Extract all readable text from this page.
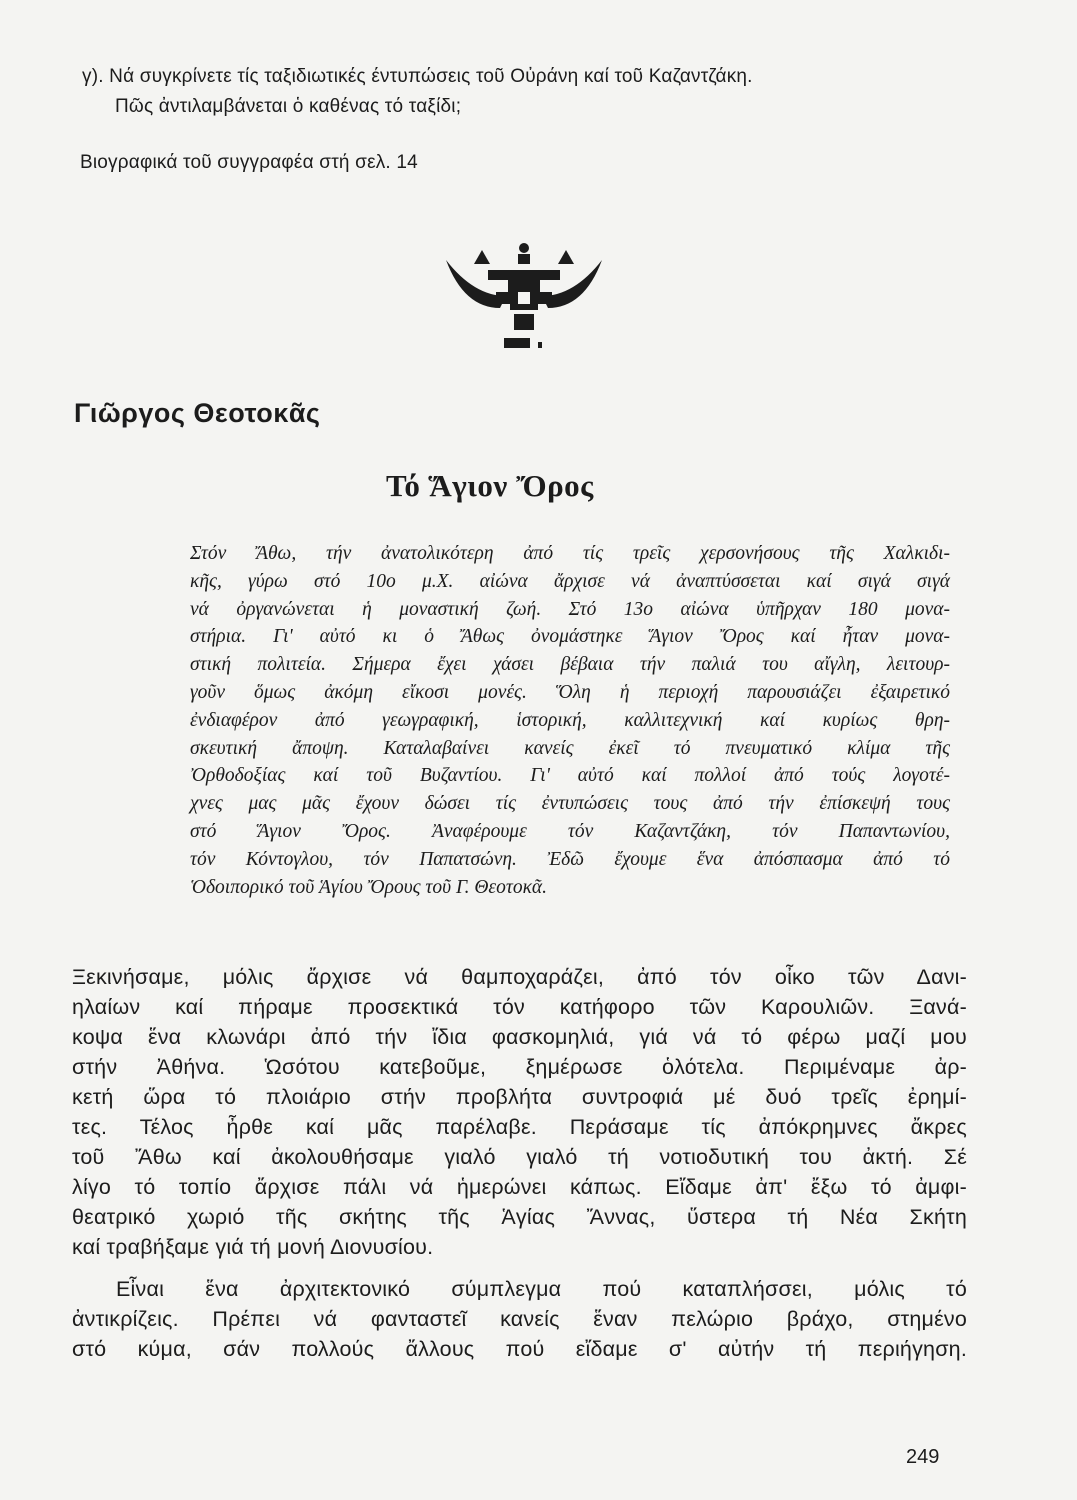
γ). Νά συγκρίνετε τίς ταξιδιωτικές έντυπώσεις τοῦ Οὐράνη καί τοῦ Καζαντζάκη.
Πῶς ἀντιλαμβάνεται ὁ καθένας τό ταξίδι;
Βιογραφικά τοῦ συγγραφέα στή σελ. 14
Γιῶργος Θεοτοκᾶς
Τό Ἅγιον Ὄρος
Στόν Ἄθω, τήν ἀνατολικότερη ἀπό τίς τρεῖς χερσονήσους τῆς Χαλκιδι-
κῆς, γύρω στό 10ο μ.Χ. αἰώνα ἄρχισε νά ἀναπτύσσεται καί σιγά σιγά
νά ὀργανώνεται ἡ μοναστική ζωή. Στό 13ο αἰώνα ὑπῆρχαν 180 μονα-
στήρια. Γι' αὐτό κι ὁ Ἄθως ὀνομάστηκε Ἅγιον Ὄρος καί ἦταν μονα-
στική πολιτεία. Σήμερα ἔχει χάσει βέβαια τήν παλιά του αἴγλη, λειτουρ-
γοῦν ὅμως ἀκόμη εἴκοσι μονές. Ὅλη ἡ περιοχή παρουσιάζει ἐξαιρετικό
ἐνδιαφέρον ἀπό γεωγραφική, ἱστορική, καλλιτεχνική καί κυρίως θρη-
σκευτική ἄποψη. Καταλαβαίνει κανείς ἐκεῖ τό πνευματικό κλίμα τῆς
Ὀρθοδοξίας καί τοῦ Βυζαντίου. Γι' αὐτό καί πολλοί ἀπό τούς λογοτέ-
χνες μας μᾶς ἔχουν δώσει τίς ἐντυπώσεις τους ἀπό τήν ἐπίσκεψή τους
στό Ἅγιον Ὄρος. Ἀναφέρουμε τόν Καζαντζάκη, τόν Παπαντωνίου,
τόν Κόντογλου, τόν Παπατσώνη. Ἐδῶ ἔχουμε ἕνα ἀπόσπασμα ἀπό τό
Ὁδοιπορικό τοῦ Ἁγίου Ὄρους τοῦ Γ. Θεοτοκᾶ.
Ξεκινήσαμε, μόλις ἄρχισε νά θαμποχαράζει, ἀπό τόν οἶκο τῶν Δανι-
ηλαίων καί πήραμε προσεκτικά τόν κατήφορο τῶν Καρουλιῶν. Ξανά-
κοψα ἕνα κλωνάρι ἀπό τήν ἴδια φασκομηλιά, γιά νά τό φέρω μαζί μου
στήν Ἀθήνα. Ὡσότου κατεβοῦμε, ξημέρωσε ὁλότελα. Περιμέναμε ἀρ-
κετή ὥρα τό πλοιάριο στήν προβλήτα συντροφιά μέ δυό τρεῖς ἐρημί-
τες. Τέλος ἦρθε καί μᾶς παρέλαβε. Περάσαμε τίς ἀπόκρημνες ἄκρες
τοῦ Ἄθω καί ἀκολουθήσαμε γιαλό γιαλό τή νοτιοδυτική του ἀκτή. Σέ
λίγο τό τοπίο ἄρχισε πάλι νά ἡμερώνει κάπως. Εἴδαμε ἀπ' ἔξω τό ἀμφι-
θεατρικό χωριό τῆς σκήτης τῆς Ἁγίας Ἄννας, ὕστερα τή Νέα Σκήτη
καί τραβήξαμε γιά τή μονή Διονυσίου.
Εἶναι ἕνα ἀρχιτεκτονικό σύμπλεγμα πού καταπλήσσει, μόλις τό
ἀντικρίζεις. Πρέπει νά φανταστεῖ κανείς ἕναν πελώριο βράχο, στημένο
στό κύμα, σάν πολλούς ἄλλους πού εἴδαμε σ' αὐτήν τή περιήγηση.
249
